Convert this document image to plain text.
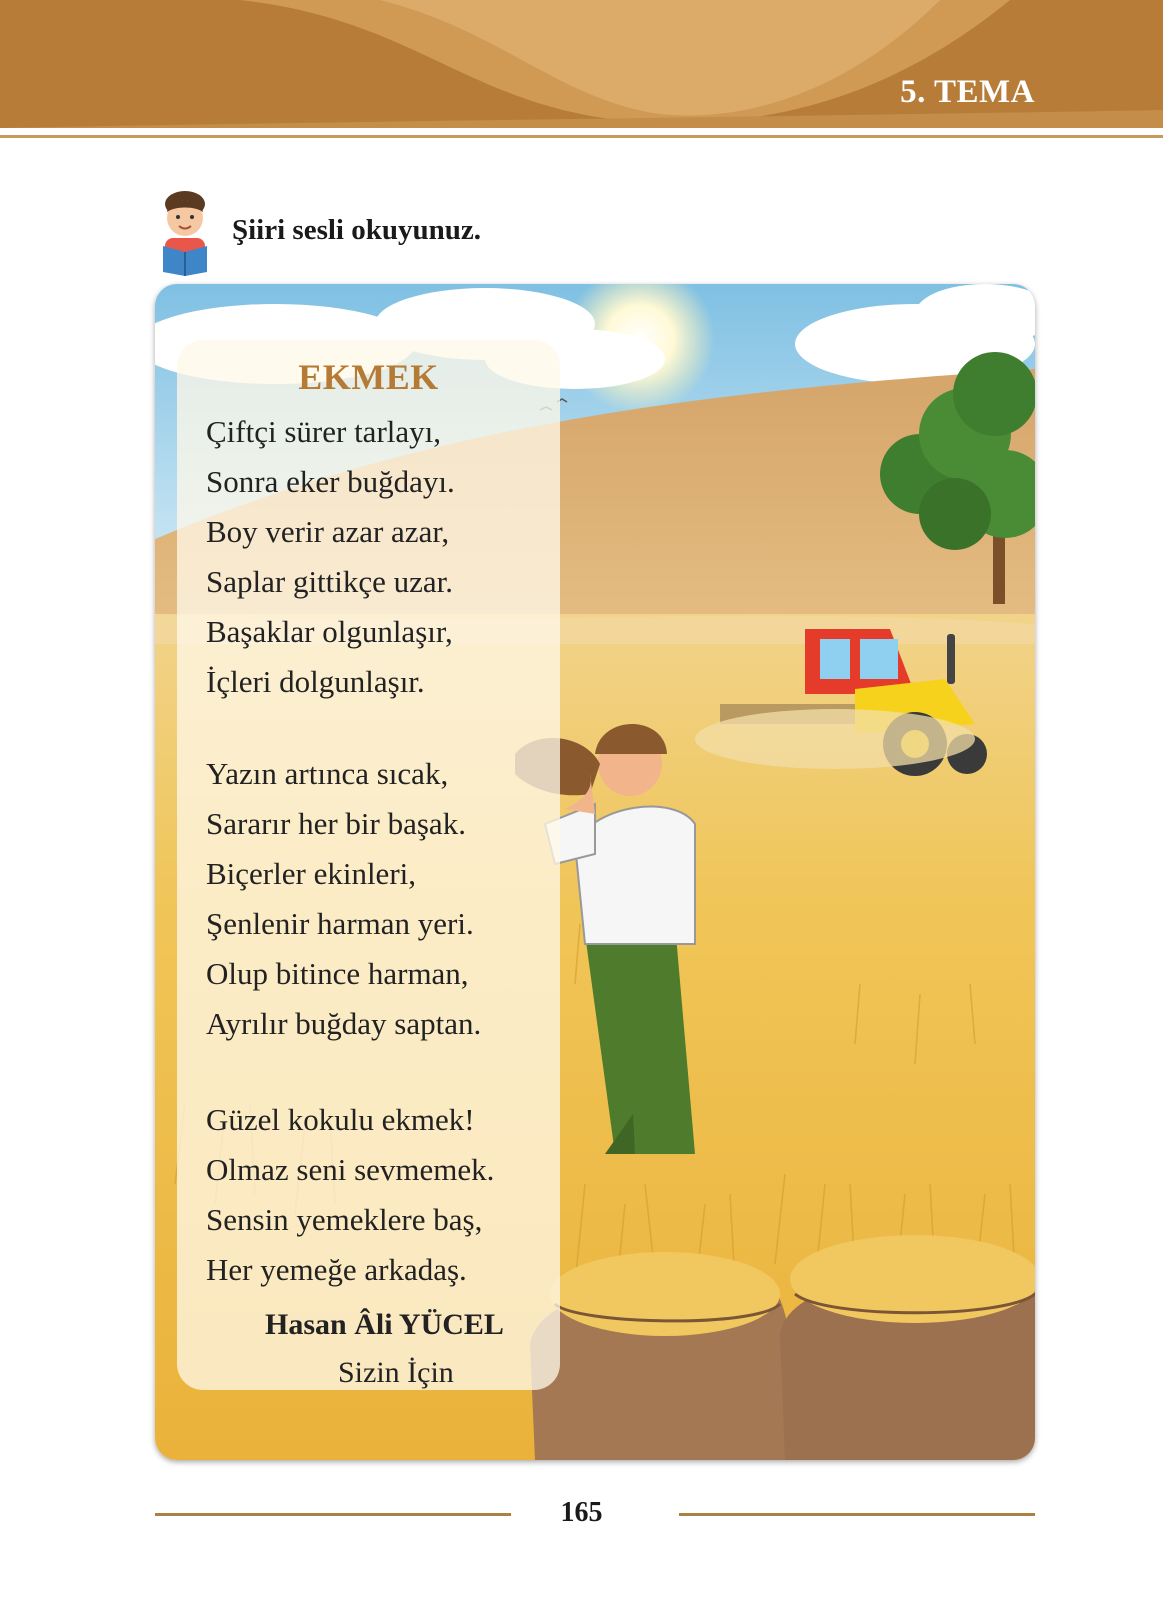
5. TEMA
Şiiri sesli okuyunuz.
EKMEK
Çiftçi sürer tarlayı,
Sonra eker buğdayı.
Boy verir azar azar,
Saplar gittikçe uzar.
Başaklar olgunlaşır,
İçleri dolgunlaşır.
Yazın artınca sıcak,
Sararır her bir başak.
Biçerler ekinleri,
Şenlenir harman yeri.
Olup bitince harman,
Ayrılır buğday saptan.
Güzel kokulu ekmek!
Olmaz seni sevmemek.
Sensin yemeklere baş,
Her yemeğe arkadaş.
Hasan Âli YÜCEL
Sizin İçin
165
